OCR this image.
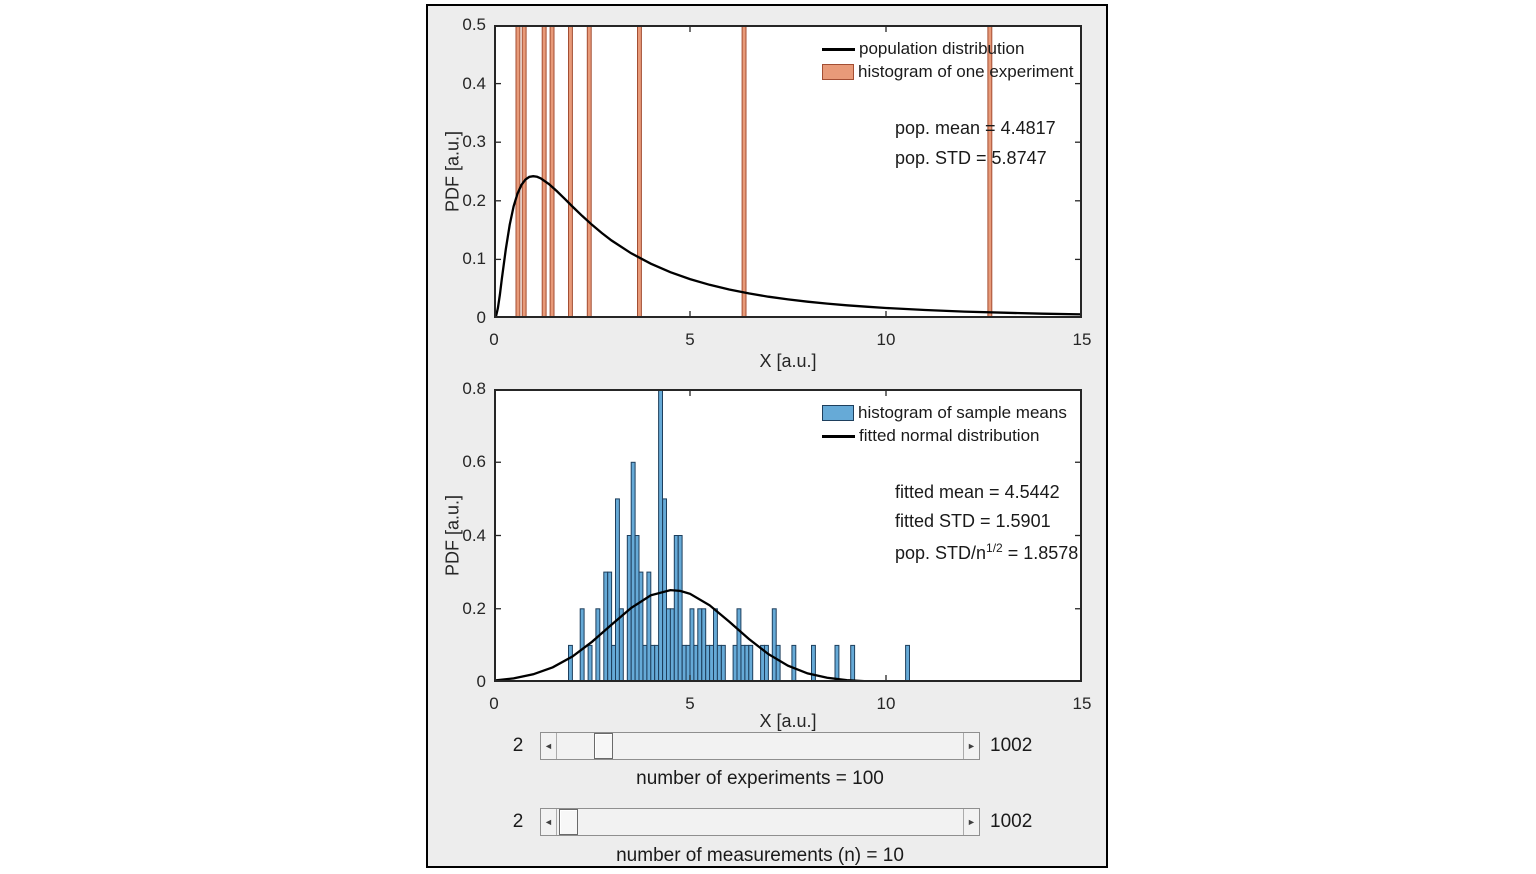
PDF [a.u.]
X [a.u.]
population distribution
histogram of one experiment
pop. mean = 4.4817
pop. STD = 5.8747
0	5	10	15
0
0.1
0.2
0.3
0.4
0.5
PDF [a.u.]
X [a.u.]
histogram of sample means
fitted normal distribution
fitted mean = 4.5442
fitted STD = 1.5901
pop. STD/$n^{1/2} = 1.8578$
0	5	10	15
0
0.2
0.4
0.6
0.8
2	◄	► 1002
number of experiments = 100
2	◄	► 1002
number of measurements (n) = 10
